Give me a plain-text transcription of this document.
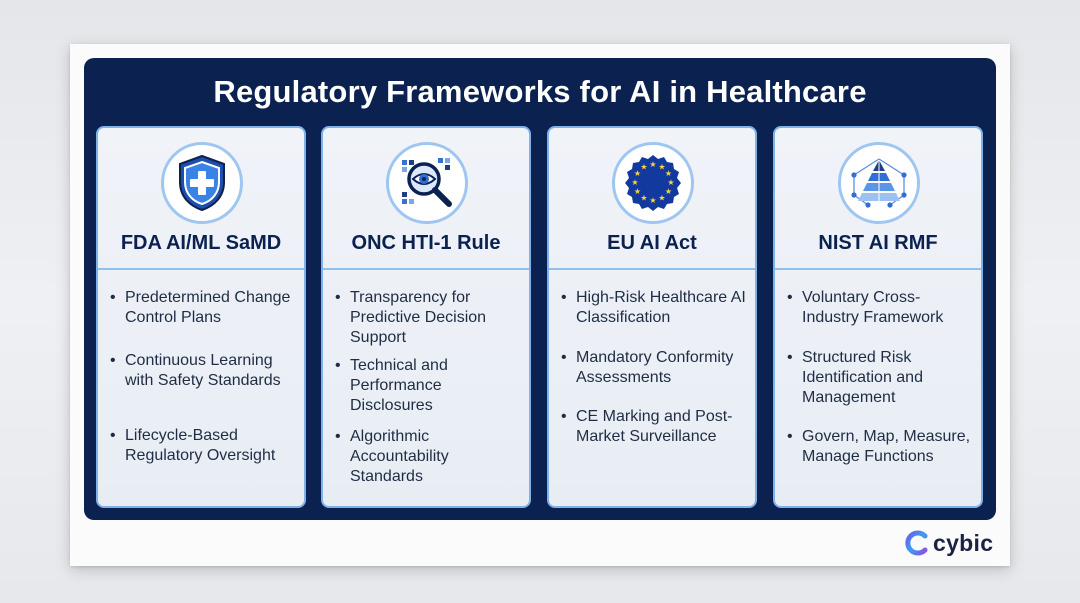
Regulatory Frameworks for AI in Healthcare
FDA AI/ML SaMD
• Predetermined Change Control Plans
• Continuous Learning with Safety Standards
• Lifecycle-Based Regulatory Oversight
ONC HTI-1 Rule
• Transparency for Predictive Decision Support
• Technical and Performance Disclosures
• Algorithmic Accountability Standards
★ ★
★
★
★
★
★
★
★
★
★
★
EU AI Act
• High-Risk Healthcare AI Classification
• Mandatory Conformity Assessments
• CE Marking and Post-Market Surveillance
NIST AI RMF
• Voluntary Cross-Industry Framework
• Structured Risk Identification and Management
• Govern, Map, Measure, Manage Functions
cybic
